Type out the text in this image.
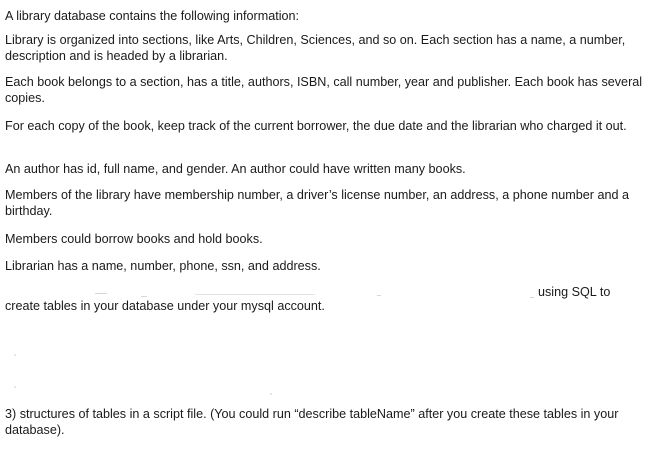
A library database contains the following information:

Library is organized into sections, like Arts, Children, Sciences, and so on. Each section has a name, a number, description and is headed by a librarian.

Each book belongs to a section, has a title, authors, ISBN, call number, year and publisher. Each book has several copies.

For each copy of the book, keep track of the current borrower, the due date and the librarian who charged it out.

An author has id, full name, and gender. An author could have written many books.

Members of the library have membership number, a driver’s license number, an address, a phone number and a birthday.

Members could borrow books and hold books.

Librarian has a name, number, phone, ssn, and address.

using SQL to

create tables in your database under your mysql account.

3) structures of tables in a script file. (You could run “describe tableName” after you create these tables in your database).
